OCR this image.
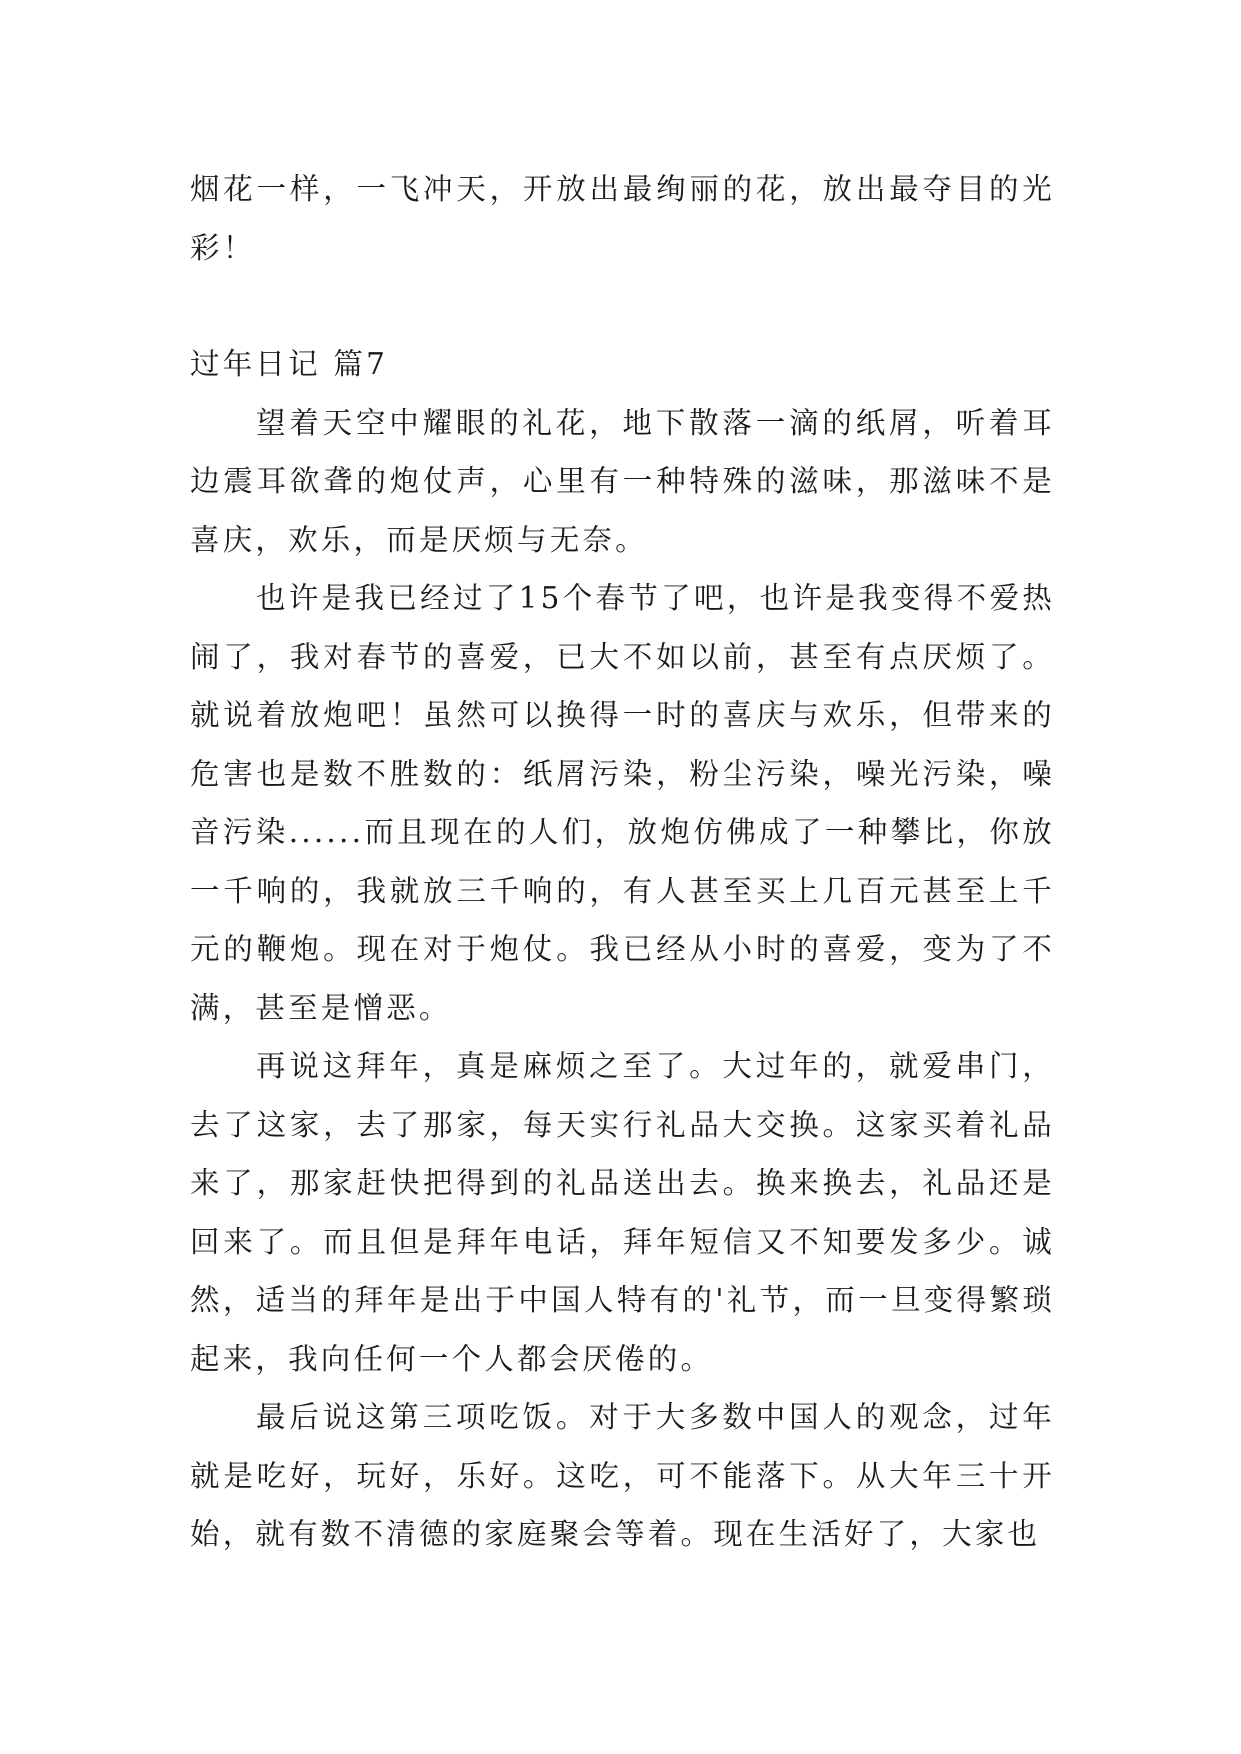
烟花一样，一飞冲天，开放出最绚丽的花，放出最夺目的光彩！

过年日记 篇7

望着天空中耀眼的礼花，地下散落一滴的纸屑，听着耳边震耳欲聋的炮仗声，心里有一种特殊的滋味，那滋味不是喜庆，欢乐，而是厌烦与无奈。

也许是我已经过了15个春节了吧，也许是我变得不爱热闹了，我对春节的喜爱，已大不如以前，甚至有点厌烦了。就说着放炮吧！虽然可以换得一时的喜庆与欢乐，但带来的危害也是数不胜数的：纸屑污染，粉尘污染，噪光污染，噪音污染......而且现在的人们，放炮仿佛成了一种攀比，你放一千响的，我就放三千响的，有人甚至买上几百元甚至上千元的鞭炮。现在对于炮仗。我已经从小时的喜爱，变为了不满，甚至是憎恶。

再说这拜年，真是麻烦之至了。大过年的，就爱串门，去了这家，去了那家，每天实行礼品大交换。这家买着礼品来了，那家赶快把得到的礼品送出去。换来换去，礼品还是回来了。而且但是拜年电话，拜年短信又不知要发多少。诚然，适当的拜年是出于中国人特有的'礼节，而一旦变得繁琐起来，我向任何一个人都会厌倦的。

最后说这第三项吃饭。对于大多数中国人的观念，过年就是吃好，玩好，乐好。这吃，可不能落下。从大年三十开始，就有数不清德的家庭聚会等着。现在生活好了，大家也
